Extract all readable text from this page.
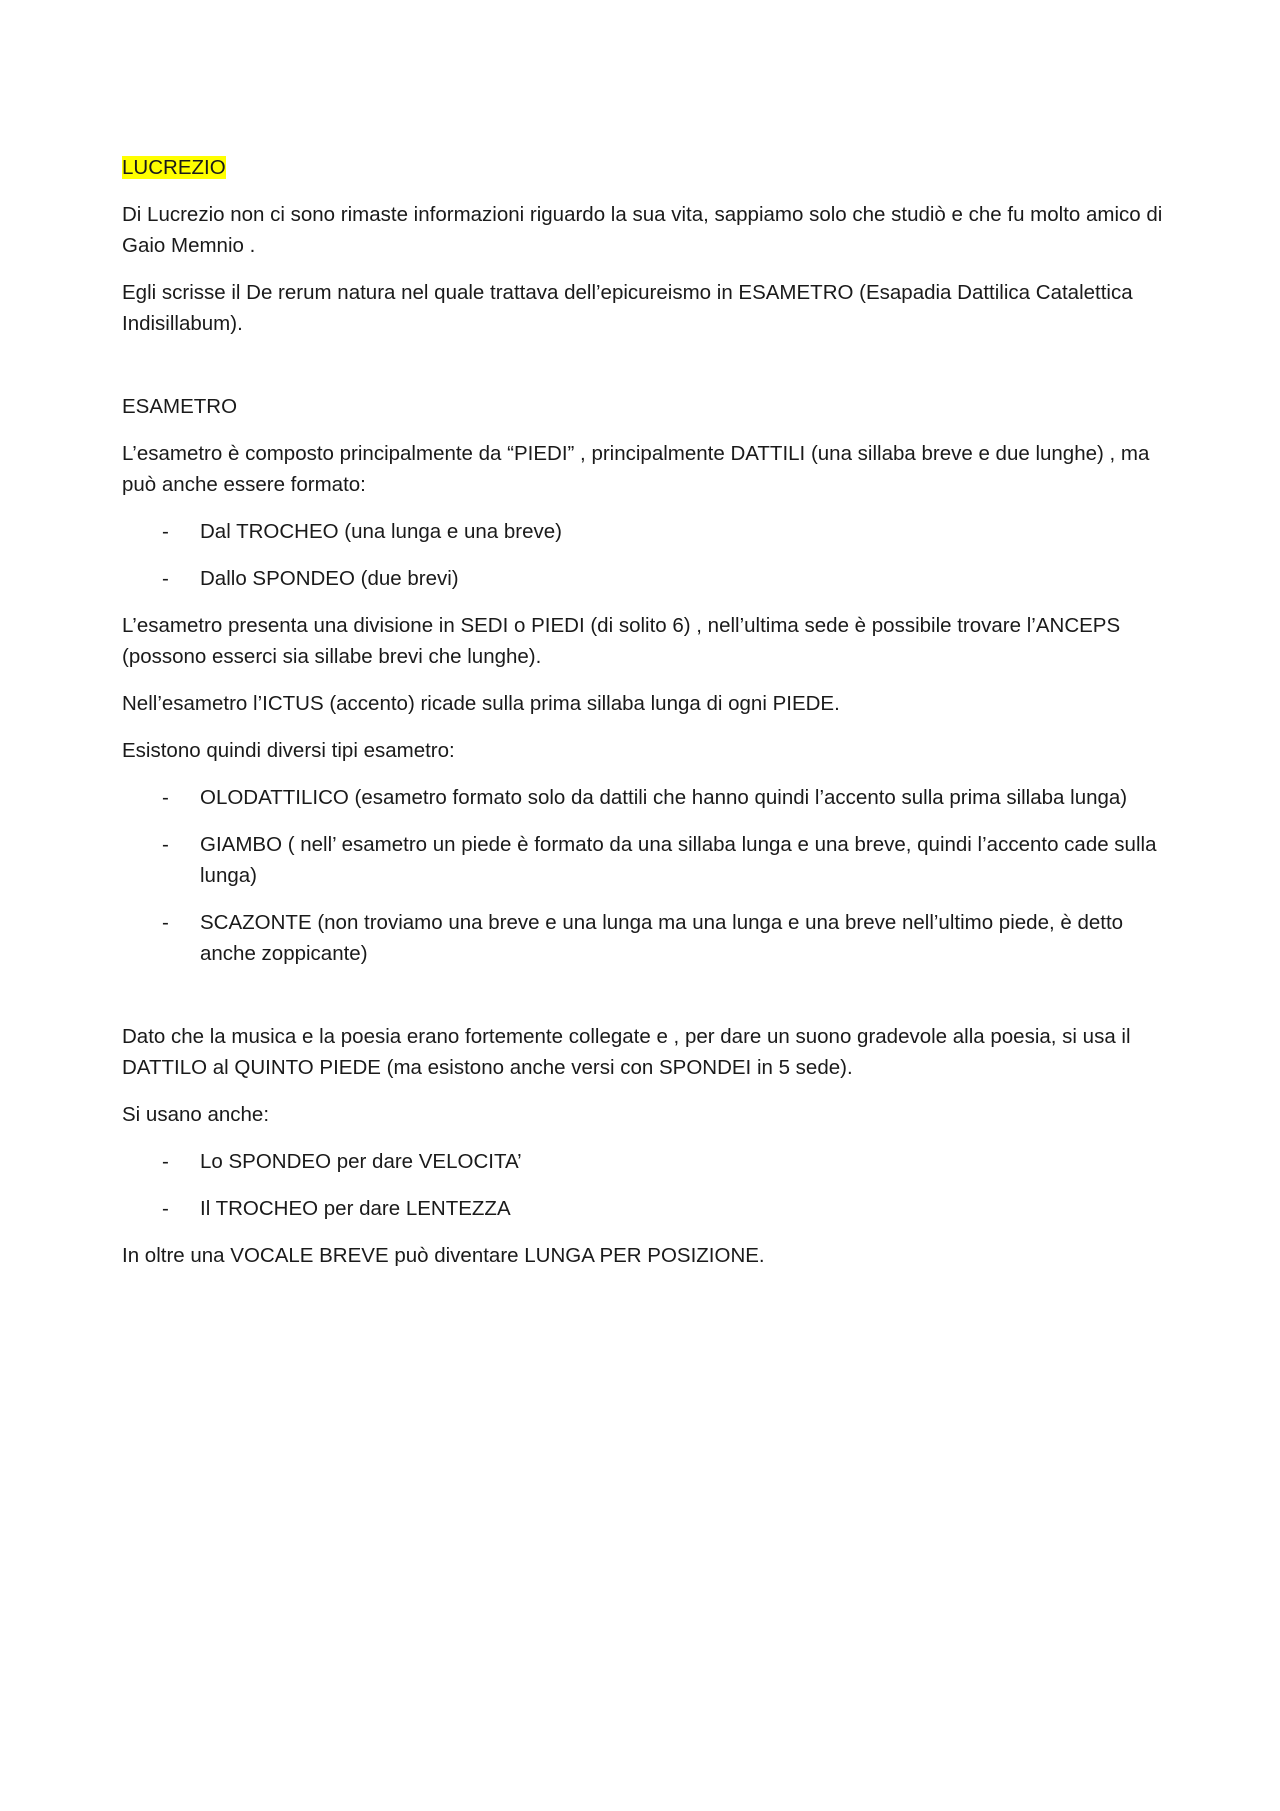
LUCREZIO

Di Lucrezio non ci sono rimaste informazioni riguardo la sua vita, sappiamo solo che studiò e che fu molto amico di Gaio Memnio .

Egli scrisse il De rerum natura nel quale trattava dell’epicureismo in ESAMETRO (Esapadia Dattilica Catalettica Indisillabum).

ESAMETRO

L’esametro è composto principalmente da “PIEDI” , principalmente DATTILI (una sillaba breve e due lunghe) , ma può anche essere formato:

- Dal TROCHEO (una lunga e una breve)
- Dallo SPONDEO (due brevi)

L’esametro presenta una divisione in SEDI o PIEDI (di solito 6) , nell’ultima sede è possibile trovare l’ANCEPS (possono esserci sia sillabe brevi che lunghe).

Nell’esametro l’ICTUS (accento) ricade sulla prima sillaba lunga di ogni PIEDE.

Esistono quindi diversi tipi esametro:

- OLODATTILICO (esametro formato solo da dattili che hanno quindi l’accento sulla prima sillaba lunga)
- GIAMBO ( nell’ esametro un piede è formato da una sillaba lunga e una breve, quindi l’accento cade sulla lunga)
- SCAZONTE (non troviamo una breve e una lunga ma una lunga e una breve nell’ultimo piede, è detto anche zoppicante)

Dato che la musica e la poesia erano fortemente collegate e , per dare un suono gradevole alla poesia, si usa il DATTILO al QUINTO PIEDE (ma esistono anche versi con SPONDEI in 5 sede).

Si usano anche:

- Lo SPONDEO per dare VELOCITA’
- Il TROCHEO per dare LENTEZZA

In oltre una VOCALE BREVE può diventare LUNGA PER POSIZIONE.
